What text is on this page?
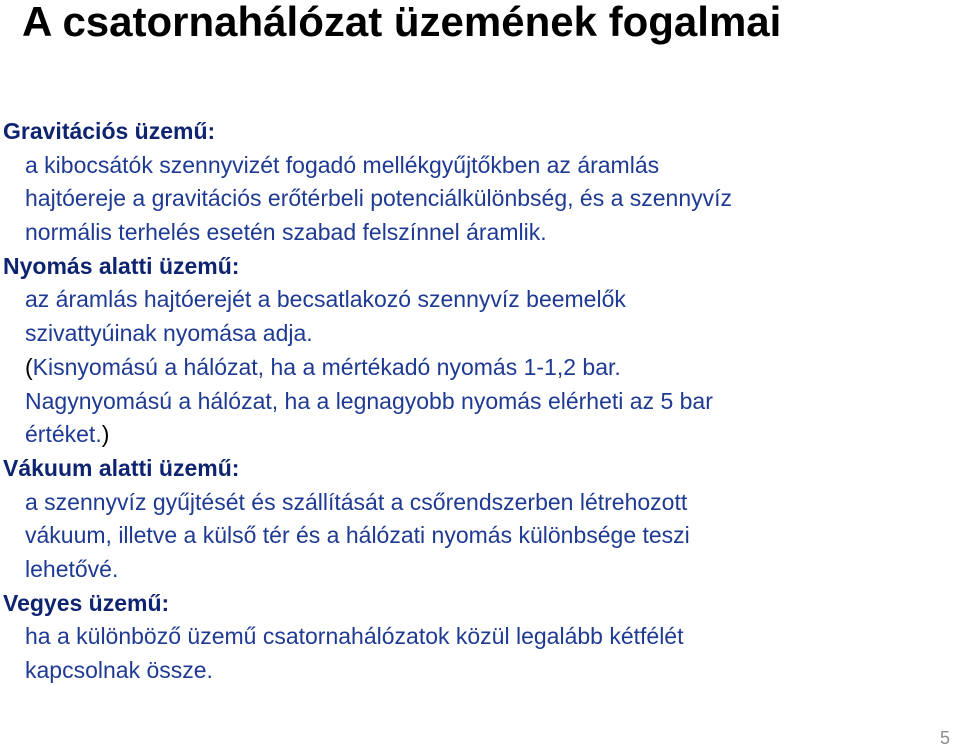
A csatornahálózat üzemének fogalmai
Gravitációs üzemű:
a kibocsátók szennyvizét fogadó mellékgyűjtőkben az áramlás
hajtóereje a gravitációs erőtérbeli potenciálkülönbség, és a szennyvíz
normális terhelés esetén szabad felszínnel áramlik.
Nyomás alatti üzemű:
az áramlás hajtóerejét a becsatlakozó szennyvíz beemelők
szivattyúinak nyomása adja.
(Kisnyomású a hálózat, ha a mértékadó nyomás 1-1,2 bar.
Nagynyomású a hálózat, ha a legnagyobb nyomás elérheti az 5 bar
értéket.)
Vákuum alatti üzemű:
a szennyvíz gyűjtését és szállítását a csőrendszerben létrehozott
vákuum, illetve a külső tér és a hálózati nyomás különbsége teszi
lehetővé.
Vegyes üzemű:
ha a különböző üzemű csatornahálózatok közül legalább kétfélét
kapcsolnak össze.
5
